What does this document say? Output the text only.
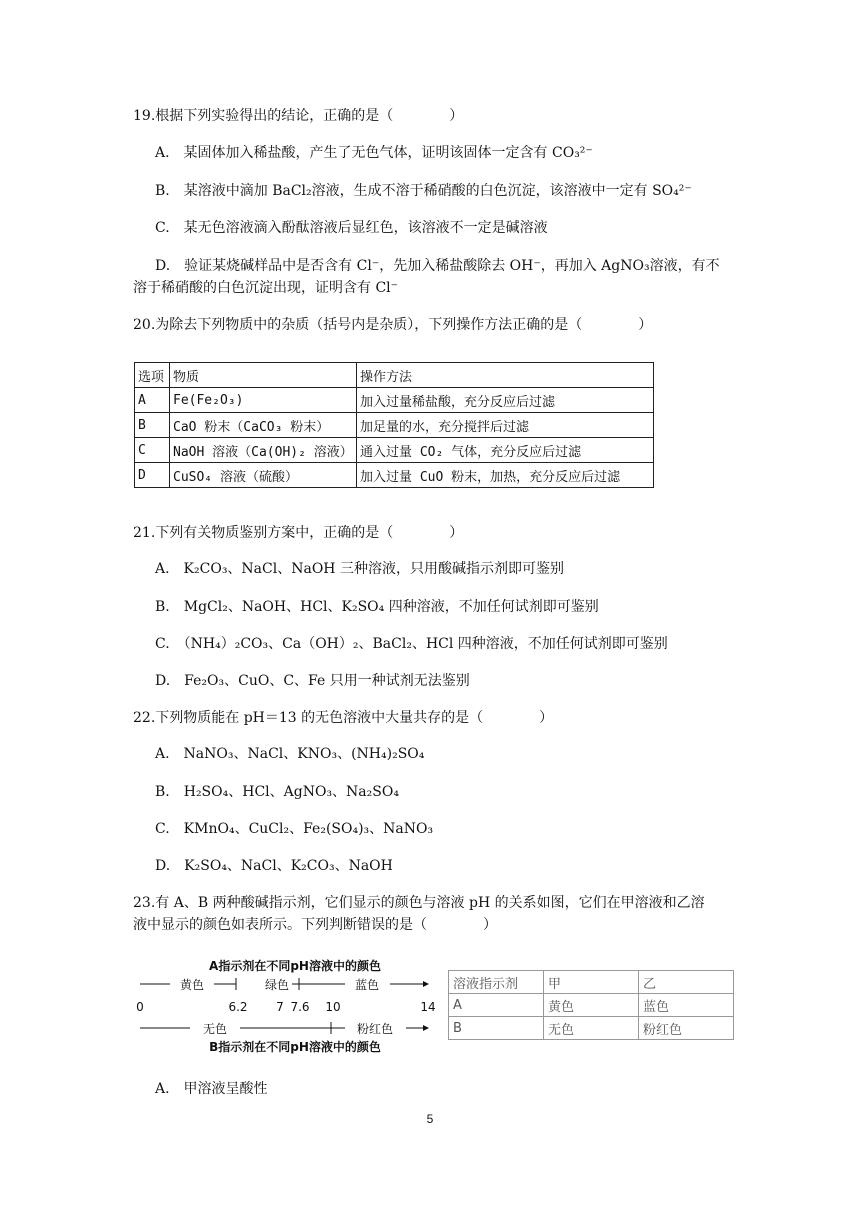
19.根据下列实验得出的结论，正确的是（　　　　）
A.　某固体加入稀盐酸，产生了无色气体，证明该固体一定含有 CO₃²⁻
B.　某溶液中滴加 BaCl₂溶液，生成不溶于稀硝酸的白色沉淀，该溶液中一定有 SO₄²⁻
C.　某无色溶液滴入酚酞溶液后显红色，该溶液不一定是碱溶液
D.　验证某烧碱样品中是否含有 Cl⁻，先加入稀盐酸除去 OH⁻，再加入 AgNO₃溶液，有不
溶于稀硝酸的白色沉淀出现，证明含有 Cl⁻
20.为除去下列物质中的杂质（括号内是杂质），下列操作方法正确的是（　　　　）
选项	物质	操作方法
A	Fe(Fe₂O₃)	加入过量稀盐酸，充分反应后过滤
B	CaO 粉末（CaCO₃ 粉末）	加足量的水，充分搅拌后过滤
C	NaOH 溶液（Ca(OH)₂ 溶液）	通入过量 CO₂ 气体，充分反应后过滤
D	CuSO₄ 溶液（硫酸）	加入过量 CuO 粉末，加热，充分反应后过滤
21.下列有关物质鉴别方案中，正确的是（　　　　）
A.　K₂CO₃、NaCl、NaOH 三种溶液，只用酸碱指示剂即可鉴别
B.　MgCl₂、NaOH、HCl、K₂SO₄ 四种溶液，不加任何试剂即可鉴别
C.　（NH₄）₂CO₃、Ca（OH）₂、BaCl₂、HCl 四种溶液，不加任何试剂即可鉴别
D.　Fe₂O₃、CuO、C、Fe 只用一种试剂无法鉴别
22.下列物质能在 pH＝13 的无色溶液中大量共存的是（　　　　）
A.　NaNO₃、NaCl、KNO₃、(NH₄)₂SO₄
B.　H₂SO₄、HCl、AgNO₃、Na₂SO₄
C.　KMnO₄、CuCl₂、Fe₂(SO₄)₃、NaNO₃
D.　K₂SO₄、NaCl、K₂CO₃、NaOH
23.有 A、B 两种酸碱指示剂，它们显示的颜色与溶液 pH 的关系如图，它们在甲溶液和乙溶
液中显示的颜色如表所示。下列判断错误的是（　　　　）
A指示剂在不同pH溶液中的颜色
黄色	绿色	蓝色
0	6.2 7 7.6 10	14
无色	粉红色
B指示剂在不同pH溶液中的颜色
溶液指示剂	甲	乙
A	黄色	蓝色
B	无色	粉红色
A.　甲溶液呈酸性
5
